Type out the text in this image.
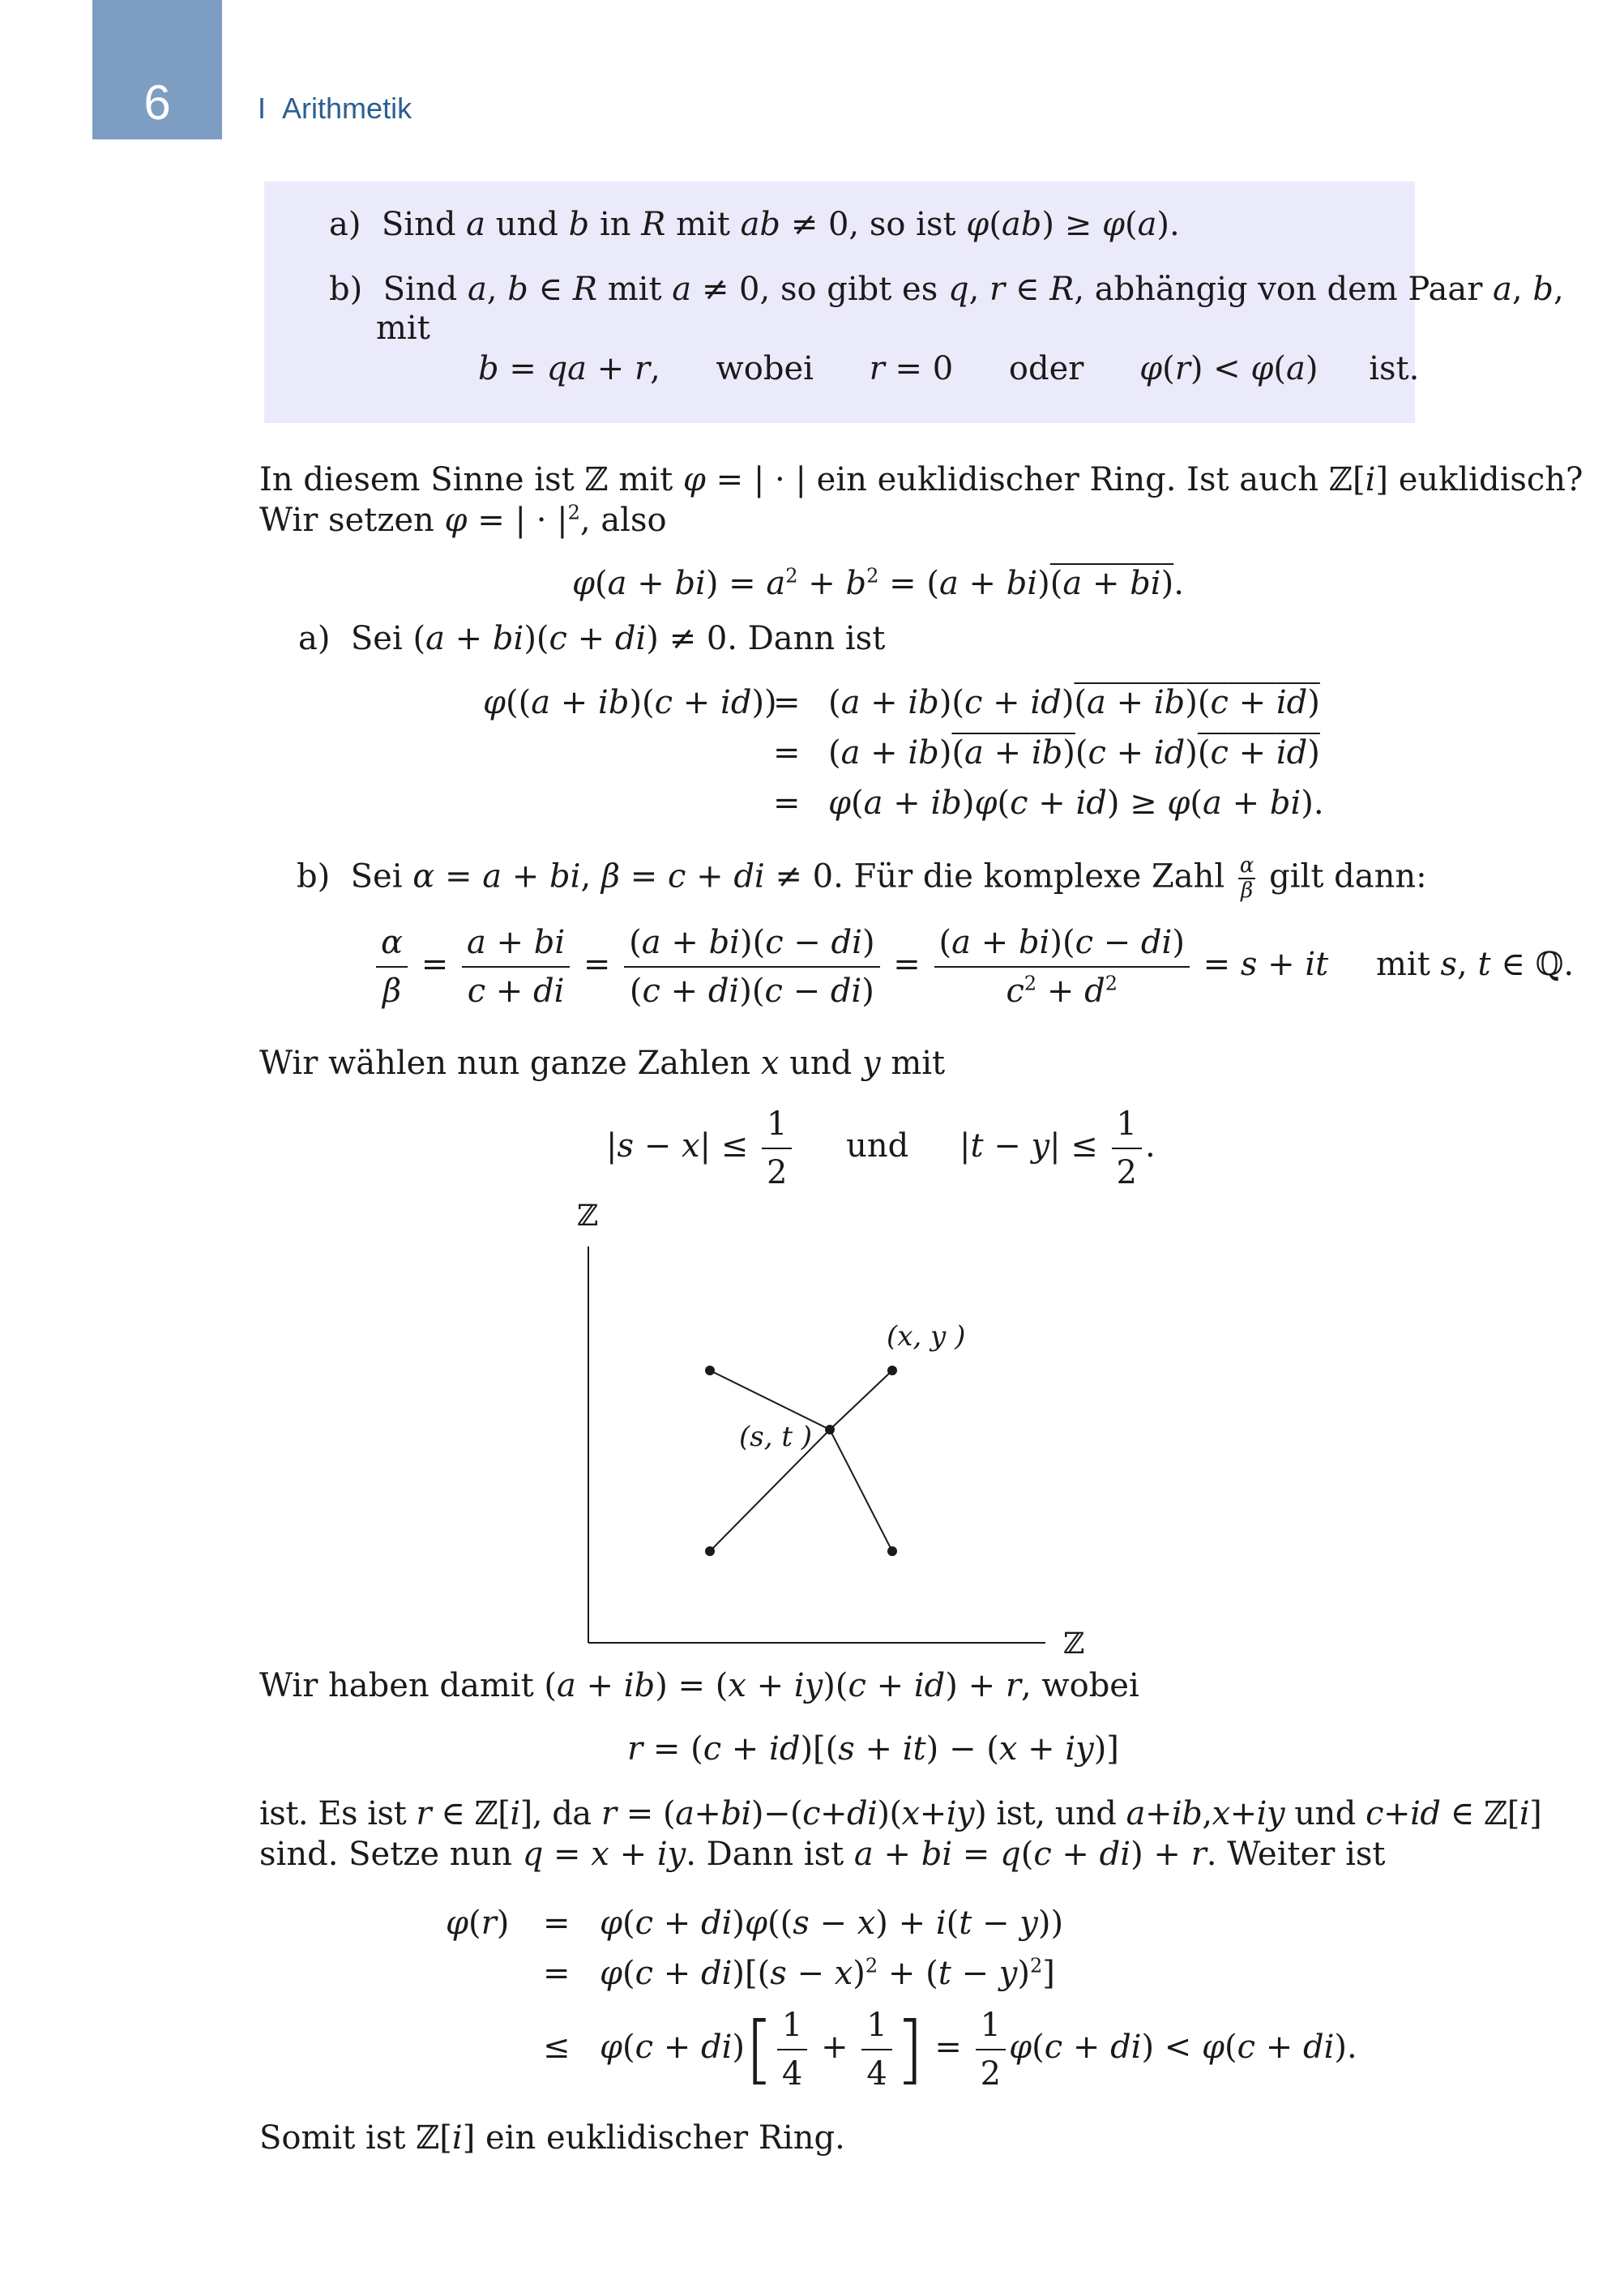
6	I Arithmetik
a) Sind a und b in R mit ab ≠ 0, so ist φ(ab) ≥ φ(a).
b) Sind a, b ∈ R mit a ≠ 0, so gibt es q, r ∈ R, abhängig von dem Paar a, b,
mit
b = qa + r, wobei r = 0 oder φ(r) < φ(a) ist.
In diesem Sinne ist ℤ mit φ = | · | ein euklidischer Ring. Ist auch ℤ[i] euklidisch?
Wir setzen φ = | · $|^2$, also
$\varphi(a + bi) = a^2 + b^2 = (a + bi)(a + bi)$.
a) Sei (a + bi)(c + di) ≠ 0. Dann ist
φ((a + ib)(c + id))
= (a + ib)(c + id)(a + ib)(c + id)
= (a + ib)(a + ib)(c + id)(c + id)
= φ(a + ib)φ(c + id) ≥ φ(a + bi).
b) Sei α = a + bi, β = c + di ≠ 0. Für die komplexe Zahl $\frac{\alpha}{\beta}$ gilt dann:
$\frac{\alpha}{\beta} = \frac{a + bi}{c + di} = \frac{(a + bi)(c - di)}{(c + di)(c - di)} = \frac{(a + bi)(c - di)}{c^2 + d^2} = s$ + it mit s, t ∈ ℚ.
Wir wählen nun ganze Zahlen x und y mit
$|s - x| \le \frac{1}{2}$ und $|t - y| \le \frac{1}{2}$ .
ℤ
ℤ
(x, y )
(s, t )
Wir haben damit (a + ib) = (x + iy)(c + id) + r, wobei
r = (c + id)[(s + it) − (x + iy)]
ist. Es ist r ∈ ℤ[i], da r = (a+bi)−(c+di)(x+iy) ist, und a+ib,x+iy und c+id ∈ ℤ[i]
sind. Setze nun q = x + iy. Dann ist a + bi = q(c + di) + r. Weiter ist
φ(r) = φ(c + di)φ((s − x) + i(t − y))
= $\varphi(c + di)[(s - x)^2 + (t - y)^2]$
≤ $\varphi(c + di)[ \frac{1}{4} + \frac{1}{4}$ ] = $\frac{1}{2} \varphi(c + di) < \varphi(c + di)$.
Somit ist ℤ[i] ein euklidischer Ring.
